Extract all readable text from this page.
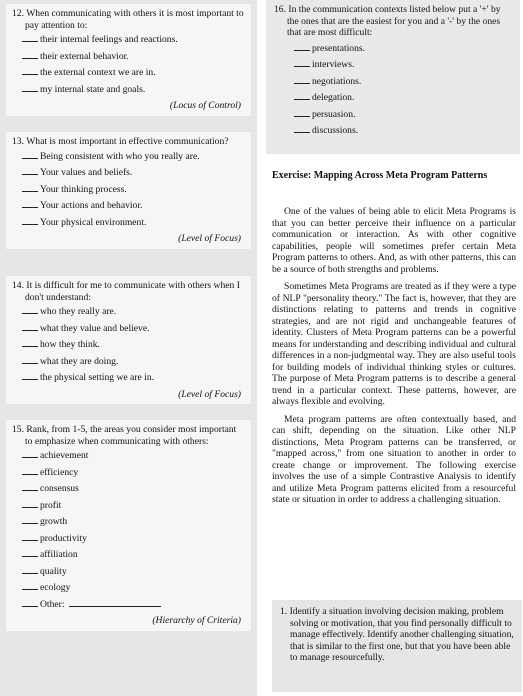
12. When communicating with others it is most important to pay attention to:

their internal feelings and reactions.
their external behavior.
the external context we are in.
my internal state and goals.

(Locus of Control)

13. What is most important in effective communication?

Being consistent with who you really are.
Your values and beliefs.
Your thinking process.
Your actions and behavior.
Your physical environment.

(Level of Focus)

14. It is difficult for me to communicate with others when I don't understand:

who they really are.
what they value and believe.
how they think.
what they are doing.
the physical setting we are in.

(Level of Focus)

15. Rank, from 1-5, the areas you consider most important to emphasize when communicating with others:

achievement
efficiency
consensus
profit
growth
productivity
affiliation
quality
ecology
Other:

(Hierarchy of Criteria)

16. In the communication contexts listed below put a '+' by the ones that are the easiest for you and a '-' by the ones that are most difficult:

presentations.
interviews.
negotiations.
delegation.
persuasion.
discussions.
Exercise: Mapping Across Meta Program Patterns

One of the values of being able to elicit Meta Programs is that you can better perceive their influence on a particular communication or interaction. As with other cognitive capabilities, people will sometimes prefer certain Meta Program patterns to others. And, as with other patterns, this can be a source of both strengths and problems.

Sometimes Meta Programs are treated as if they were a type of NLP "personality theory." The fact is, however, that they are distinctions relating to patterns and trends in cognitive strategies, and are not rigid and unchangeable features of identity. Clusters of Meta Program patterns can be a powerful means for understanding and describing individual and cultural differences in a non-judgmental way. They are also useful tools for building models of individual thinking styles or cultures. The purpose of Meta Program patterns is to describe a general trend in a particular context. These patterns, however, are always flexible and evolving.

Meta program patterns are often contextually based, and can shift, depending on the situation. Like other NLP distinctions, Meta Program patterns can be transferred, or "mapped across," from one situation to another in order to create change or improvement. The following exercise involves the use of a simple Contrastive Analysis to identify and utilize Meta Program patterns elicited from a resourceful state or situation in order to address a challenging situation.

1. Identify a situation involving decision making, problem solving or motivation, that you find personally difficult to manage effectively. Identify another challenging situation, that is similar to the first one, but that you have been able to manage resourcefully.
